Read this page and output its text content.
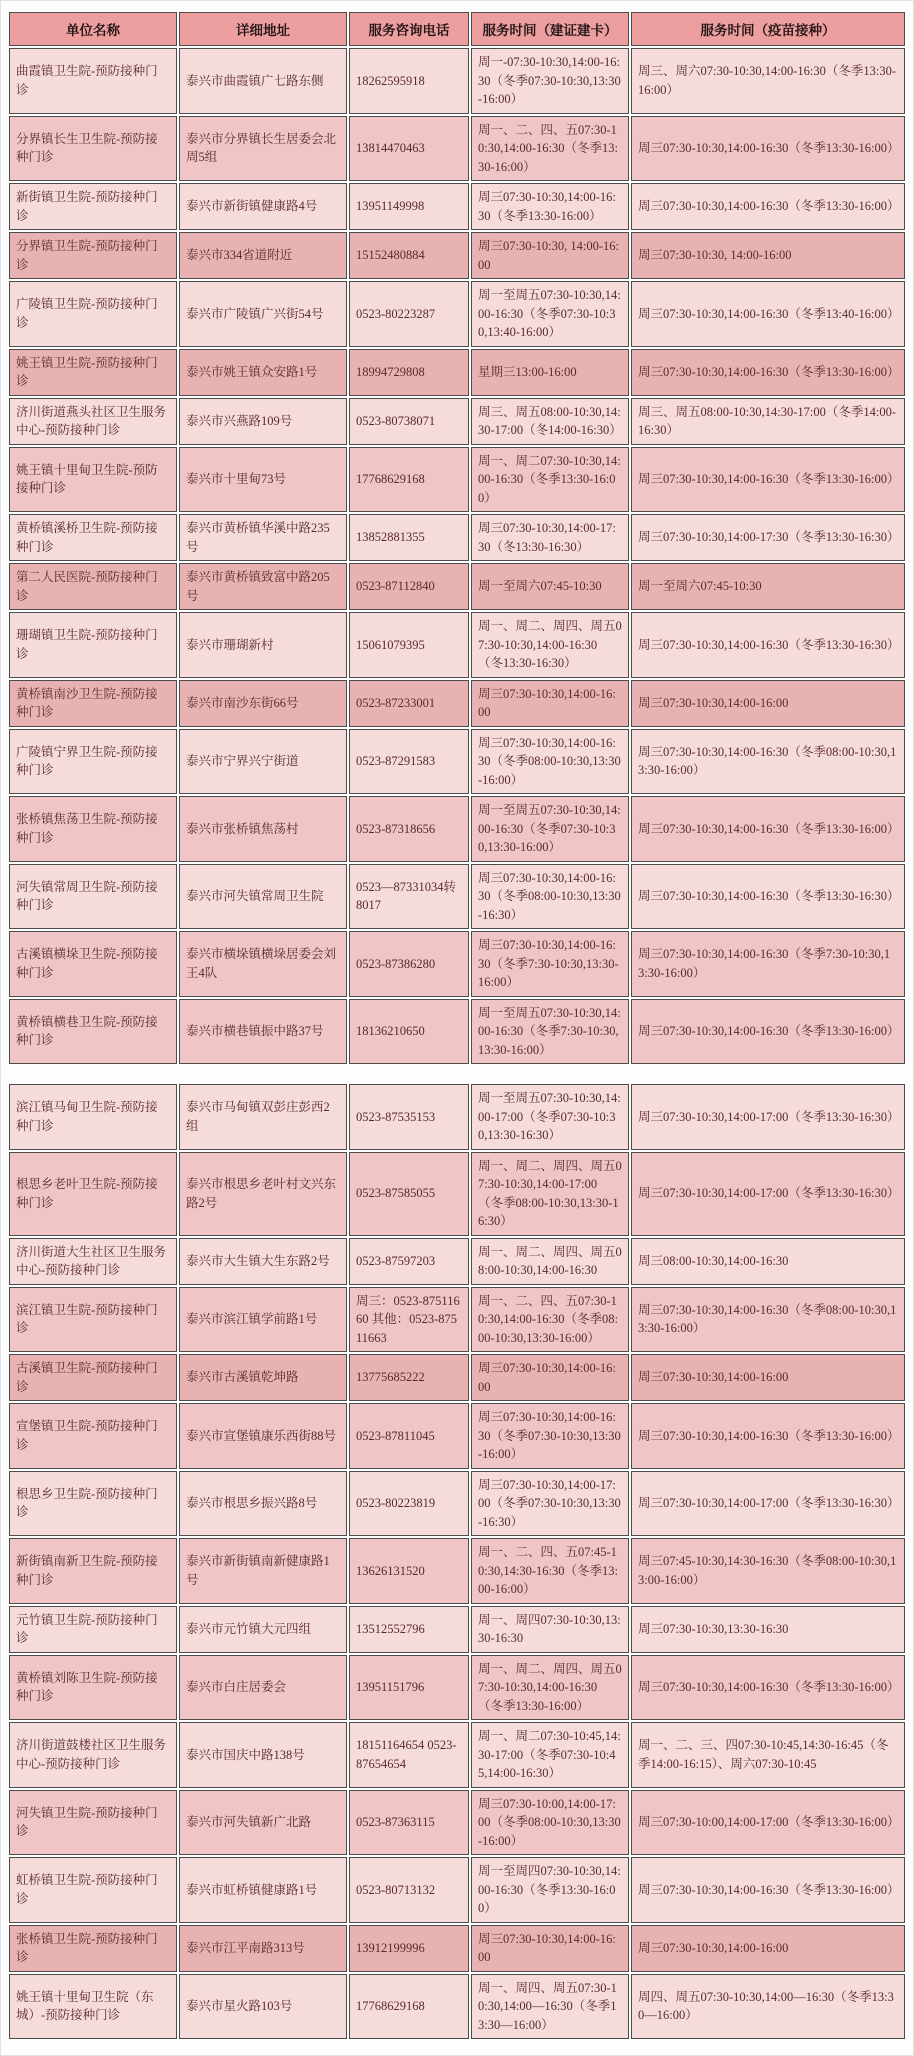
单位名称	详细地址	服务咨询电话	服务时间（建证建卡）	服务时间（疫苗接种）
曲霞镇卫生院-预防接种门诊	泰兴市曲霞镇广七路东侧	18262595918	周一-07:30-10:30,14:00-16:30（冬季07:30-10:30,13:30-16:00）	周三、周六07:30-10:30,14:00-16:30（冬季13:30-16:00）
分界镇长生卫生院-预防接种门诊	泰兴市分界镇长生居委会北周5组	13814470463	周一、二、四、五07:30-10:30,14:00-16:30（冬季13:30-16:00）	周三07:30-10:30,14:00-16:30（冬季13:30-16:00）
新街镇卫生院-预防接种门诊	泰兴市新街镇健康路4号	13951149998	周三07:30-10:30,14:00-16:30（冬季13:30-16:00）	周三07:30-10:30,14:00-16:30（冬季13:30-16:00）
分界镇卫生院-预防接种门诊	泰兴市334省道附近	15152480884	周三07:30-10:30, 14:00-16:00	周三07:30-10:30, 14:00-16:00
广陵镇卫生院-预防接种门诊	泰兴市广陵镇广兴街54号	0523-80223287	周一至周五07:30-10:30,14:00-16:30（冬季07:30-10:30,13:40-16:00）	周三07:30-10:30,14:00-16:30（冬季13:40-16:00）
姚王镇卫生院-预防接种门诊	泰兴市姚王镇众安路1号	18994729808	星期三13:00-16:00	周三07:30-10:30,14:00-16:30（冬季13:30-16:00）
济川街道燕头社区卫生服务中心-预防接种门诊	泰兴市兴燕路109号	0523-80738071	周三、周五08:00-10:30,14:30-17:00（冬14:00-16:30）	周三、周五08:00-10:30,14:30-17:00（冬季14:00-16:30）
姚王镇十里甸卫生院-预防接种门诊	泰兴市十里甸73号	17768629168	周一、周二07:30-10:30,14:00-16:30（冬季13:30-16:00）	周三07:30-10:30,14:00-16:30（冬季13:30-16:00）
黄桥镇溪桥卫生院-预防接种门诊	泰兴市黄桥镇华溪中路235号	13852881355	周三07:30-10:30,14:00-17:30（冬13:30-16:30）	周三07:30-10:30,14:00-17:30（冬季13:30-16:30）
第二人民医院-预防接种门诊	泰兴市黄桥镇致富中路205号	0523-87112840	周一至周六07:45-10:30	周一至周六07:45-10:30
珊瑚镇卫生院-预防接种门诊	泰兴市珊瑚新村	15061079395	周一、周二、周四、周五07:30-10:30,14:00-16:30（冬13:30-16:30）	周三07:30-10:30,14:00-16:30（冬季13:30-16:30）
黄桥镇南沙卫生院-预防接种门诊	泰兴市南沙东街66号	0523-87233001	周三07:30-10:30,14:00-16:00	周三07:30-10:30,14:00-16:00
广陵镇宁界卫生院-预防接种门诊	泰兴市宁界兴宁街道	0523-87291583	周三07:30-10:30,14:00-16:30（冬季08:00-10:30,13:30-16:00）	周三07:30-10:30,14:00-16:30（冬季08:00-10:30,13:30-16:00）
张桥镇焦荡卫生院-预防接种门诊	泰兴市张桥镇焦荡村	0523-87318656	周一至周五07:30-10:30,14:00-16:30（冬季07:30-10:30,13:30-16:00）	周三07:30-10:30,14:00-16:30（冬季13:30-16:00）
河失镇常周卫生院-预防接种门诊	泰兴市河失镇常周卫生院	0523—87331034转8017	周三07:30-10:30,14:00-16:30（冬季08:00-10:30,13:30-16:30）	周三07:30-10:30,14:00-16:30（冬季13:30-16:30）
古溪镇横垛卫生院-预防接种门诊	泰兴市横垛镇横垛居委会刘王4队	0523-87386280	周三07:30-10:30,14:00-16:30（冬季7:30-10:30,13:30-16:00）	周三07:30-10:30,14:00-16:30（冬季7:30-10:30,13:30-16:00）
黄桥镇横巷卫生院-预防接种门诊	泰兴市横巷镇振中路37号	18136210650	周一至周五07:30-10:30,14:00-16:30（冬季7:30-10:30,13:30-16:00）	周三07:30-10:30,14:00-16:30（冬季13:30-16:00）
滨江镇马甸卫生院-预防接种门诊	泰兴市马甸镇双彭庄彭西2组	0523-87535153	周一至周五07:30-10:30,14:00-17:00（冬季07:30-10:30,13:30-16:30）	周三07:30-10:30,14:00-17:00（冬季13:30-16:30）
根思乡老叶卫生院-预防接种门诊	泰兴市根思乡老叶村文兴东路2号	0523-87585055	周一、周二、周四、周五07:30-10:30,14:00-17:00（冬季08:00-10:30,13:30-16:30）	周三07:30-10:30,14:00-17:00（冬季13:30-16:30）
济川街道大生社区卫生服务中心-预防接种门诊	泰兴市大生镇大生东路2号	0523-87597203	周一、周二、周四、周五08:00-10:30,14:00-16:30	周三08:00-10:30,14:00-16:30
滨江镇卫生院-预防接种门诊	泰兴市滨江镇学前路1号	周三：0523-87511660 其他：0523-87511663	周一、二、四、五07:30-10:30,14:00-16:30（冬季08:00-10:30,13:30-16:00）	周三07:30-10:30,14:00-16:30（冬季08:00-10:30,13:30-16:00）
古溪镇卫生院-预防接种门诊	泰兴市古溪镇乾坤路	13775685222	周三07:30-10:30,14:00-16:00	周三07:30-10:30,14:00-16:00
宣堡镇卫生院-预防接种门诊	泰兴市宣堡镇康乐西街88号	0523-87811045	周三07:30-10:30,14:00-16:30（冬季07:30-10:30,13:30-16:00）	周三07:30-10:30,14:00-16:30（冬季13:30-16:00）
根思乡卫生院-预防接种门诊	泰兴市根思乡振兴路8号	0523-80223819	周三07:30-10:30,14:00-17:00（冬季07:30-10:30,13:30-16:30）	周三07:30-10:30,14:00-17:00（冬季13:30-16:30）
新街镇南新卫生院-预防接种门诊	泰兴市新街镇南新健康路1号	13626131520	周一、二、四、五07:45-10:30,14:30-16:30（冬季13:00-16:00）	周三07:45-10:30,14:30-16:30（冬季08:00-10:30,13:00-16:00）
元竹镇卫生院-预防接种门诊	泰兴市元竹镇大元四组	13512552796	周一、周四07:30-10:30,13:30-16:30	周三07:30-10:30,13:30-16:30
黄桥镇刘陈卫生院-预防接种门诊	泰兴市白庄居委会	13951151796	周一、周二、周四、周五07:30-10:30,14:00-16:30（冬季13:30-16:00）	周三07:30-10:30,14:00-16:30（冬季13:30-16:00）
济川街道鼓楼社区卫生服务中心-预防接种门诊	泰兴市国庆中路138号	18151164654 0523-87654654	周一、周二07:30-10:45,14:30-17:00（冬季07:30-10:45,14:00-16:30）	周一、二、三、四07:30-10:45,14:30-16:45（冬季14:00-16:15）、周六07:30-10:45
河失镇卫生院-预防接种门诊	泰兴市河失镇新广北路	0523-87363115	周三07:30-10:00,14:00-17:00（冬季08:00-10:30,13:30-16:00）	周三07:30-10:00,14:00-17:00（冬季13:30-16:00）
虹桥镇卫生院-预防接种门诊	泰兴市虹桥镇健康路1号	0523-80713132	周一至周四07:30-10:30,14:00-16:30（冬季13:30-16:00）	周三07:30-10:30,14:00-16:30（冬季13:30-16:00）
张桥镇卫生院-预防接种门诊	泰兴市江平南路313号	13912199996	周三07:30-10:30,14:00-16:00	周三07:30-10:30,14:00-16:00
姚王镇十里甸卫生院（东城）-预防接种门诊	泰兴市星火路103号	17768629168	周一、周四、周五07:30-10:30,14:00—16:30（冬季13:30—16:00）	周四、周五07:30-10:30,14:00—16:30（冬季13:30—16:00）
